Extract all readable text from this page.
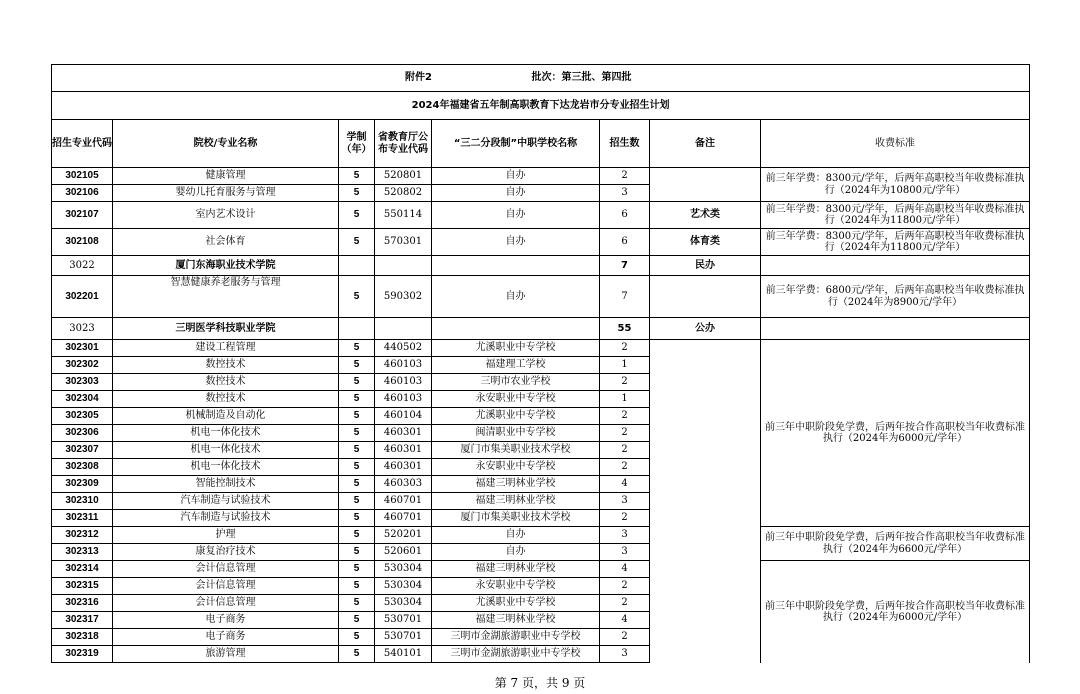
附件2 批次：第三批、第四批							
2024年福建省五年制高职教育下达龙岩市分专业招生计划							
招生专业代码	院校/专业名称	学制（年）	省教育厅公布专业代码	“三二分段制”中职学校名称	招生数	备注	收费标准
302105	健康管理	5	520801	自办	2		前三年学费：8300元/学年，后两年高职校当年收费标准执行（2024年为10800元/学年）
302106	婴幼儿托育服务与管理	5	520802	自办	3		
302107	室内艺术设计	5	550114	自办	6	艺术类	前三年学费：8300元/学年，后两年高职校当年收费标准执行（2024年为11800元/学年）
302108	社会体育	5	570301	自办	6	体育类	前三年学费：8300元/学年，后两年高职校当年收费标准执行（2024年为11800元/学年）
3022	厦门东海职业技术学院				7	民办	
302201	智慧健康养老服务与管理	5	590302	自办	7		前三年学费：6800元/学年，后两年高职校当年收费标准执行（2024年为8900元/学年）
3023	三明医学科技职业学院				55	公办	
302301	建设工程管理	5	440502	尤溪职业中专学校	2		前三年中职阶段免学费，后两年按合作高职校当年收费标准执行（2024年为6000元/学年）
302302	数控技术	5	460103	福建理工学校	1		
302303	数控技术	5	460103	三明市农业学校	2		
302304	数控技术	5	460103	永安职业中专学校	1		
302305	机械制造及自动化	5	460104	尤溪职业中专学校	2		
302306	机电一体化技术	5	460301	闽清职业中专学校	2		
302307	机电一体化技术	5	460301	厦门市集美职业技术学校	2		
302308	机电一体化技术	5	460301	永安职业中专学校	2		
302309	智能控制技术	5	460303	福建三明林业学校	4		
302310	汽车制造与试验技术	5	460701	福建三明林业学校	3		
302311	汽车制造与试验技术	5	460701	厦门市集美职业技术学校	2		
302312	护理	5	520201	自办	3		前三年中职阶段免学费，后两年按合作高职校当年收费标准执行（2024年为6600元/学年）
302313	康复治疗技术	5	520601	自办	3		
302314	会计信息管理	5	530304	福建三明林业学校	4		前三年中职阶段免学费，后两年按合作高职校当年收费标准执行（2024年为6000元/学年）
302315	会计信息管理	5	530304	永安职业中专学校	2		
302316	会计信息管理	5	530304	尤溪职业中专学校	2		
302317	电子商务	5	530701	福建三明林业学校	4		
302318	电子商务	5	530701	三明市金湖旅游职业中专学校	2		
302319	旅游管理	5	540101	三明市金湖旅游职业中专学校	3		
第 7 页，共 9 页
